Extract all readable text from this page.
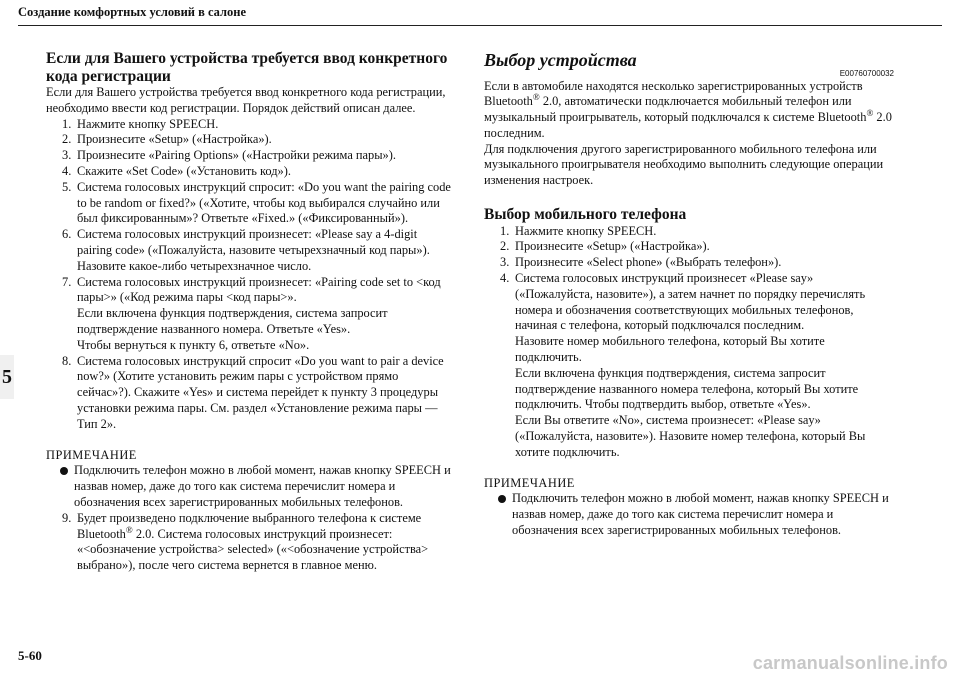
Создание комфортных условий в салоне
5
Если для Вашего устройства требуется ввод конкретного кода регистрации

Если для Вашего устройства требуется ввод конкретного кода регистрации, необходимо ввести код регистрации. Порядок действий описан далее.

1. Нажмите кнопку SPEECH.
2. Произнесите «Setup» («Настройка»).
3. Произнесите «Pairing Options» («Настройки режима пары»).
4. Скажите «Set Code» («Установить код»).
5. Система голосовых инструкций спросит: «Do you want the pairing code to be random or fixed?» («Хотите, чтобы код выбирался случайно или был фиксированным»? Ответьте «Fixed.» («Фиксированный»).
6. Система голосовых инструкций произнесет: «Please say a 4-digit pairing code» («Пожалуйста, назовите четырехзначный код пары»). Назовите какое-либо четырехзначное число.
7. Система голосовых инструкций произнесет: «Pairing code set to <код пары>» («Код режима пары <код пары>».
Если включена функция подтверждения, система запросит подтверждение названного номера. Ответьте «Yes».
Чтобы вернуться к пункту 6, ответьте «No».
8. Система голосовых инструкций спросит «Do you want to pair a device now?» (Хотите установить режим пары с устройством прямо сейчас»?). Скажите «Yes» и система перейдет к пункту 3 процедуры установки режима пары. См. раздел «Установление режима пары — Тип 2».

ПРИМЕЧАНИЕ

Подключить телефон можно в любой момент, нажав кнопку SPEECH и назвав номер, даже до того как система перечислит номера и обозначения всех зарегистрированных мобильных телефонов.

9. Будет произведено подключение выбранного телефона к системе Bluetooth® 2.0. Система голосовых инструкций произнесет: «<обозначение устройства> selected» («<обозначение устройства> выбрано»), после чего система вернется в главное меню.
Выбор устройства
E00760700032

Если в автомобиле находятся несколько зарегистрированных устройств Bluetooth® 2.0, автоматически подключается мобильный телефон или музыкальный проигрыватель, который подключался к системе Bluetooth® 2.0 последним.

Для подключения другого зарегистрированного мобильного телефона или музыкального проигрывателя необходимо выполнить следующие операции изменения настроек.

Выбор мобильного телефона
1. Нажмите кнопку SPEECH.
2. Произнесите «Setup» («Настройка»).
3. Произнесите «Select phone» («Выбрать телефон»).
4. Система голосовых инструкций произнесет «Please say» («Пожалуйста, назовите»), а затем начнет по порядку перечислять номера и обозначения соответствующих мобильных телефонов, начиная с телефона, который подключался последним.
Назовите номер мобильного телефона, который Вы хотите подключить.
Если включена функция подтверждения, система запросит подтверждение названного номера телефона, который Вы хотите подключить. Чтобы подтвердить выбор, ответьте «Yes».
Если Вы ответите «No», система произнесет: «Please say» («Пожалуйста, назовите»). Назовите номер телефона, который Вы хотите подключить.

ПРИМЕЧАНИЕ

Подключить телефон можно в любой момент, нажав кнопку SPEECH и назвав номер, даже до того как система перечислит номера и обозначения всех зарегистрированных мобильных телефонов.

5-60	carmanualsonline.info
